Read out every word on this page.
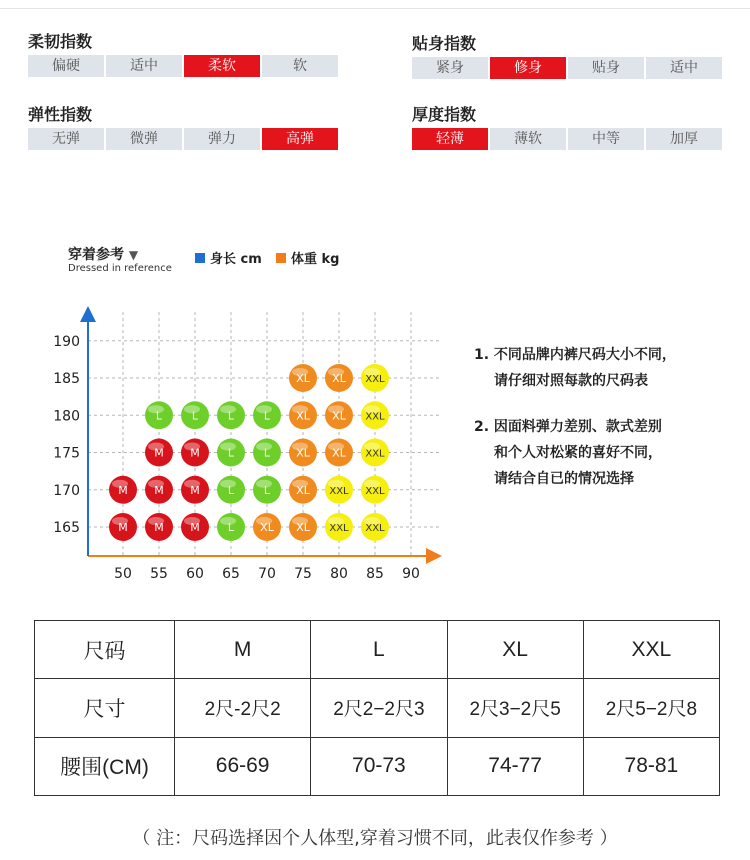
柔韧指数
偏硬	适中	柔软	软
贴身指数
紧身	修身	贴身	适中
弹性指数
无弹	微弹	弹力	高弹
厚度指数
轻薄	薄软	中等	加厚
穿着参考 ▼
Dressed in reference
身长 cm 体重 kg
50 55 60 65 70 75 80 85 90
165
170
175
180
185
190
M M M	L XL XL XXL XXL
M M M	L	L XL XXL XXL
M M	L	L XL XL XXL
L	L	L	L XL XL XXL
XL XL XXL
1. 不同品牌内裤尺码大小不同，
请仔细对照每款的尺码表
2. 因面料弹力差别、款式差别
和个人对松紧的喜好不同，
请结合自已的情况选择
尺码	M	L	XL	XXL
尺寸	2尺-2尺2	2尺2−2尺3	2尺3−2尺5	2尺5−2尺8
腰围(CM)	66-69	70-73	74-77	78-81
（ 注：尺码选择因个人体型,穿着习惯不同，此表仅作参考 ）
